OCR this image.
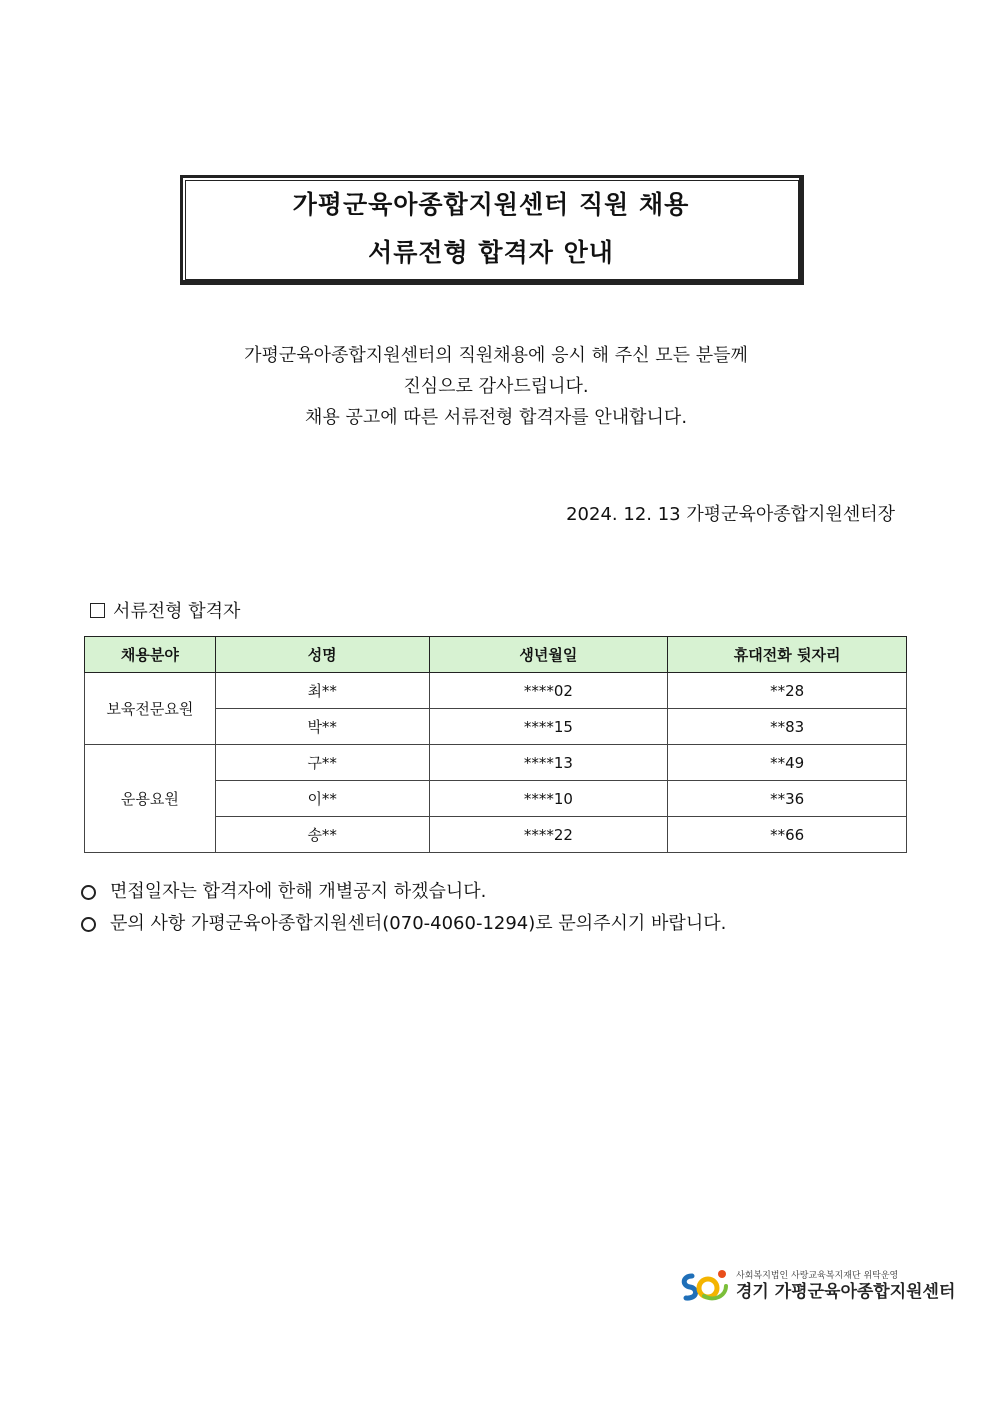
가평군육아종합지원센터 직원 채용
서류전형 합격자 안내
가평군육아종합지원센터의 직원채용에 응시 해 주신 모든 분들께
진심으로 감사드립니다.
채용 공고에 따른 서류전형 합격자를 안내합니다.
2024. 12. 13 가평군육아종합지원센터장
서류전형 합격자
채용분야	성명	생년월일	휴대전화 뒷자리
보육전문요원	최**	****02	**28
	박**	****15	**83
운용요원	구**	****13	**49
	이**	****10	**36
	송**	****22	**66
면접일자는 합격자에 한해 개별공지 하겠습니다.
문의 사항 가평군육아종합지원센터(070-4060-1294)로 문의주시기 바랍니다.
사회복지법인 사랑교육복지재단 위탁운영
경기 가평군육아종합지원센터
